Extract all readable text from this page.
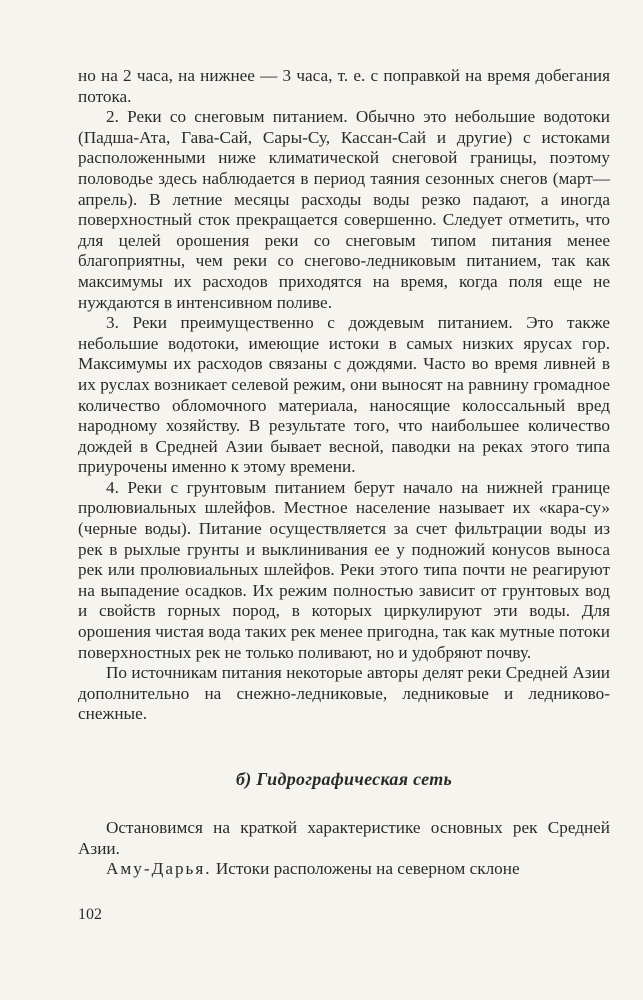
но на 2 часа, на нижнее — 3 часа, т. е. с поправкой на время добегания потока.

2. Реки со снеговым питанием. Обычно это небольшие водотоки (Падша-Ата, Гава-Сай, Сары-Су, Кассан-Сай и другие) с истоками расположенными ниже климатической снеговой границы, поэтому половодье здесь наблюдается в период таяния сезонных снегов (март—апрель). В летние месяцы расходы воды резко падают, а иногда поверхностный сток прекращается совершенно. Следует отметить, что для целей орошения реки со снеговым типом питания менее благоприятны, чем реки со снегово-ледниковым питанием, так как максимумы их расходов приходятся на время, когда поля еще не нуждаются в интенсивном поливе.

3. Реки преимущественно с дождевым питанием. Это также небольшие водотоки, имеющие истоки в самых низких ярусах гор. Максимумы их расходов связаны с дождями. Часто во время ливней в их руслах возникает селевой режим, они выносят на равнину громадное количество обломочного материала, наносящие колоссальный вред народному хозяйству. В результате того, что наибольшее количество дождей в Средней Азии бывает весной, паводки на реках этого типа приурочены именно к этому времени.

4. Реки с грунтовым питанием берут начало на нижней границе пролювиальных шлейфов. Местное население называет их «кара-су» (черные воды). Питание осуществляется за счет фильтрации воды из рек в рыхлые грунты и выклинивания ее у подножий конусов выноса рек или пролювиальных шлейфов. Реки этого типа почти не реагируют на выпадение осадков. Их режим полностью зависит от грунтовых вод и свойств горных пород, в которых циркулируют эти воды. Для орошения чистая вода таких рек менее пригодна, так как мутные потоки поверхностных рек не только поливают, но и удобряют почву.

По источникам питания некоторые авторы делят реки Средней Азии дополнительно на снежно-ледниковые, ледниковые и ледниково-снежные.

б) Гидрографическая сеть

Остановимся на краткой характеристике основных рек Средней Азии.

Аму-Дарья. Истоки расположены на северном склоне

102
